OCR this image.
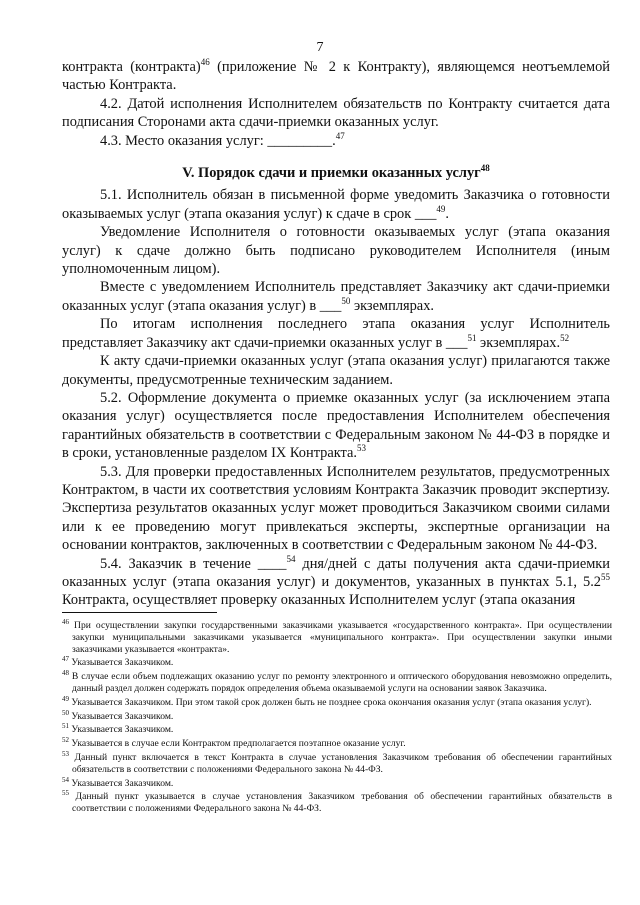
7

контракта (контракта)$^{46}$ (приложение № 2 к Контракту), являющемся неотъемлемой частью Контракта.

4.2. Датой исполнения Исполнителем обязательств по Контракту считается дата подписания Сторонами акта сдачи-приемки оказанных услуг.

4.3. Место оказания услуг: _________.$^{47}$

V. Порядок сдачи и приемки оказанных услуг$^{48}$

5.1. Исполнитель обязан в письменной форме уведомить Заказчика о готовности оказываемых услуг (этапа оказания услуг) к сдаче в срок ___$^{49}$.

Уведомление Исполнителя о готовности оказываемых услуг (этапа оказания услуг) к сдаче должно быть подписано руководителем Исполнителя (иным уполномоченным лицом).

Вместе с уведомлением Исполнитель представляет Заказчику акт сдачи-приемки оказанных услуг (этапа оказания услуг) в ___$^{50}$ экземплярах.

По итогам исполнения последнего этапа оказания услуг Исполнитель представляет Заказчику акт сдачи-приемки оказанных услуг в ___$^{51}$ экземплярах.$^{52}$

К акту сдачи-приемки оказанных услуг (этапа оказания услуг) прилагаются также документы, предусмотренные техническим заданием.

5.2. Оформление документа о приемке оказанных услуг (за исключением этапа оказания услуг) осуществляется после предоставления Исполнителем обеспечения гарантийных обязательств в соответствии с Федеральным законом № 44-ФЗ в порядке и в сроки, установленные разделом IX Контракта.$^{53}$

5.3. Для проверки предоставленных Исполнителем результатов, предусмотренных Контрактом, в части их соответствия условиям Контракта Заказчик проводит экспертизу. Экспертиза результатов оказанных услуг может проводиться Заказчиком своими силами или к ее проведению могут привлекаться эксперты, экспертные организации на основании контрактов, заключенных в соответствии с Федеральным законом № 44-ФЗ.

5.4. Заказчик в течение ____$^{54}$ дня/дней с даты получения акта сдачи-приемки оказанных услуг (этапа оказания услуг) и документов, указанных в пунктах 5.1, $5.2^{55}$ Контракта, осуществляет проверку оказанных Исполнителем услуг (этапа оказания

$^{46}$ При осуществлении закупки государственными заказчиками указывается «государственного контракта». При осуществлении закупки муниципальными заказчиками указывается «муниципального контракта». При осуществлении закупки иными заказчиками указывается «контракта».

$^{47}$ Указывается Заказчиком.

$^{48}$ В случае если объем подлежащих оказанию услуг по ремонту электронного и оптического оборудования невозможно определить, данный раздел должен содержать порядок определения объема оказываемой услуги на основании заявок Заказчика.

$^{49}$ Указывается Заказчиком. При этом такой срок должен быть не позднее срока окончания оказания услуг (этапа оказания услуг).

$^{50}$ Указывается Заказчиком.

$^{51}$ Указывается Заказчиком.

$^{52}$ Указывается в случае если Контрактом предполагается поэтапное оказание услуг.

$^{53}$ Данный пункт включается в текст Контракта в случае установления Заказчиком требования об обеспечении гарантийных обязательств в соответствии с положениями Федерального закона № 44-ФЗ.

$^{54}$ Указывается Заказчиком.

$^{55}$ Данный пункт указывается в случае установления Заказчиком требования об обеспечении гарантийных обязательств в соответствии с положениями Федерального закона № 44-ФЗ.
